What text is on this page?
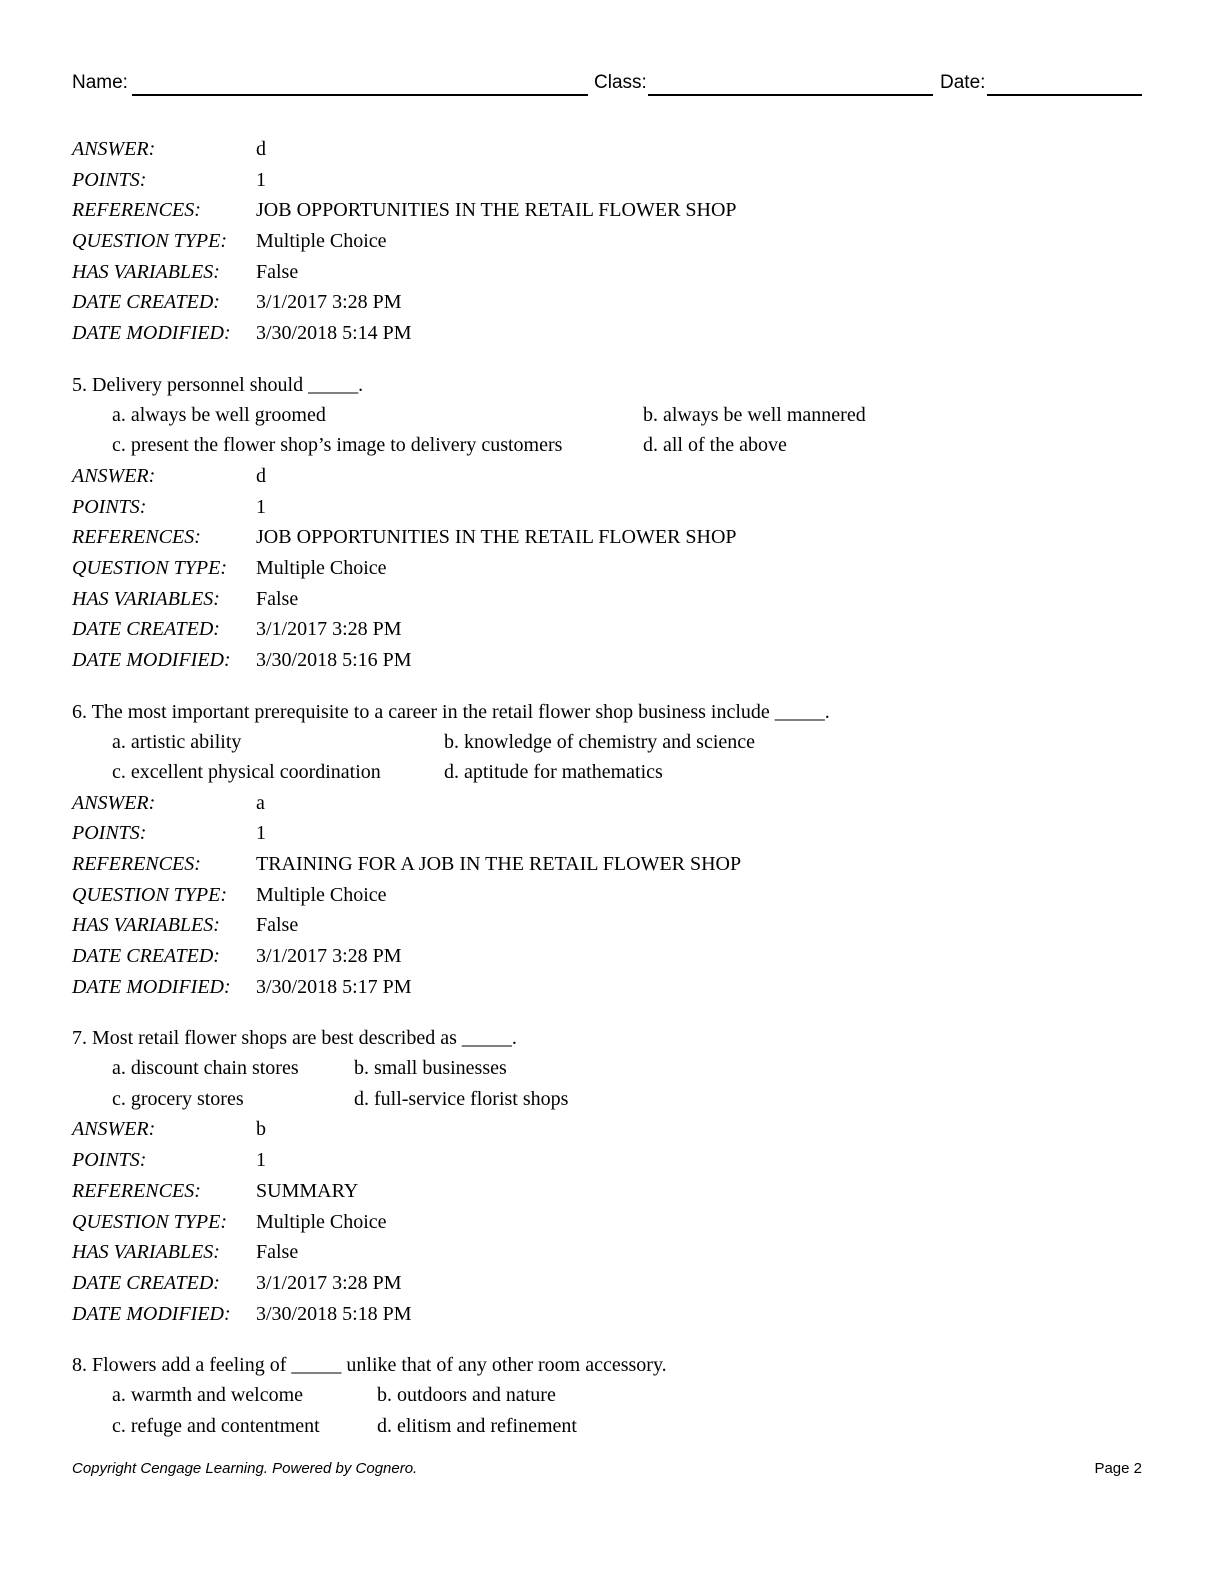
Name:	Class:	Date:
ANSWER:	d
POINTS:	1
REFERENCES:	JOB OPPORTUNITIES IN THE RETAIL FLOWER SHOP
QUESTION TYPE:	Multiple Choice
HAS VARIABLES:	False
DATE CREATED:	3/1/2017 3:28 PM
DATE MODIFIED:	3/30/2018 5:14 PM
5. Delivery personnel should _____.
a. always be well groomed	b. always be well mannered
c. present the flower shop’s image to delivery customers	d. all of the above
ANSWER:	d
POINTS:	1
REFERENCES:	JOB OPPORTUNITIES IN THE RETAIL FLOWER SHOP
QUESTION TYPE:	Multiple Choice
HAS VARIABLES:	False
DATE CREATED:	3/1/2017 3:28 PM
DATE MODIFIED:	3/30/2018 5:16 PM
6. The most important prerequisite to a career in the retail flower shop business include _____.
a. artistic ability	b. knowledge of chemistry and science
c. excellent physical coordination	d. aptitude for mathematics
ANSWER:	a
POINTS:	1
REFERENCES:	TRAINING FOR A JOB IN THE RETAIL FLOWER SHOP
QUESTION TYPE:	Multiple Choice
HAS VARIABLES:	False
DATE CREATED:	3/1/2017 3:28 PM
DATE MODIFIED:	3/30/2018 5:17 PM
7. Most retail flower shops are best described as _____.
a. discount chain stores	b. small businesses
c. grocery stores	d. full-service florist shops
ANSWER:	b
POINTS:	1
REFERENCES:	SUMMARY
QUESTION TYPE:	Multiple Choice
HAS VARIABLES:	False
DATE CREATED:	3/1/2017 3:28 PM
DATE MODIFIED:	3/30/2018 5:18 PM
8. Flowers add a feeling of _____ unlike that of any other room accessory.
a. warmth and welcome	b. outdoors and nature
c. refuge and contentment	d. elitism and refinement
Copyright Cengage Learning. Powered by Cognero.	Page 2
